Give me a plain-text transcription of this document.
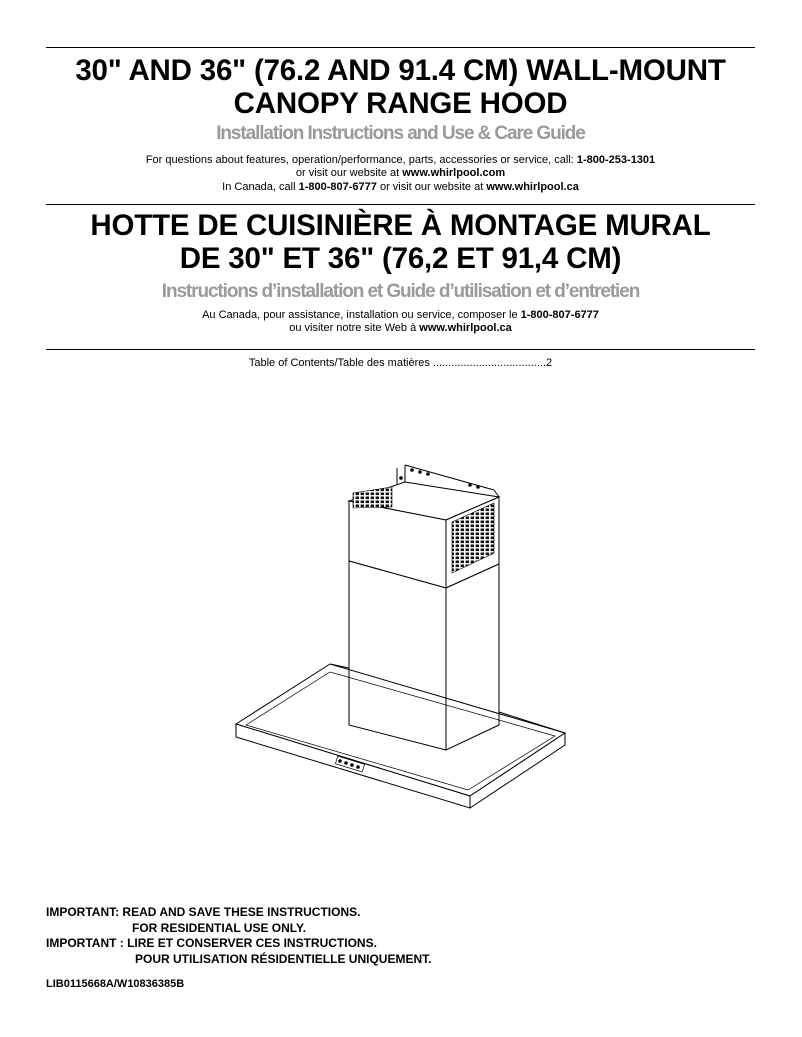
30" AND 36" (76.2 AND 91.4 CM) WALL-MOUNT
CANOPY RANGE HOOD
Installation Instructions and Use & Care Guide
For questions about features, operation/performance, parts, accessories or service, call: 1-800-253-1301
or visit our website at www.whirlpool.com
In Canada, call 1-800-807-6777 or visit our website at www.whirlpool.ca
HOTTE DE CUISINIÈRE À MONTAGE MURAL
DE 30" ET 36" (76,2 ET 91,4 CM)
Instructions d’installation et Guide d’utilisation et d’entretien
Au Canada, pour assistance, installation ou service, composer le 1-800-807-6777
ou visiter notre site Web à www.whirlpool.ca
Table of Contents/Table des matières .....................................2
IMPORTANT: READ AND SAVE THESE INSTRUCTIONS.
FOR RESIDENTIAL USE ONLY.
IMPORTANT : LIRE ET CONSERVER CES INSTRUCTIONS.
POUR UTILISATION RÉSIDENTIELLE UNIQUEMENT.
LIB0115668A/W10836385B
